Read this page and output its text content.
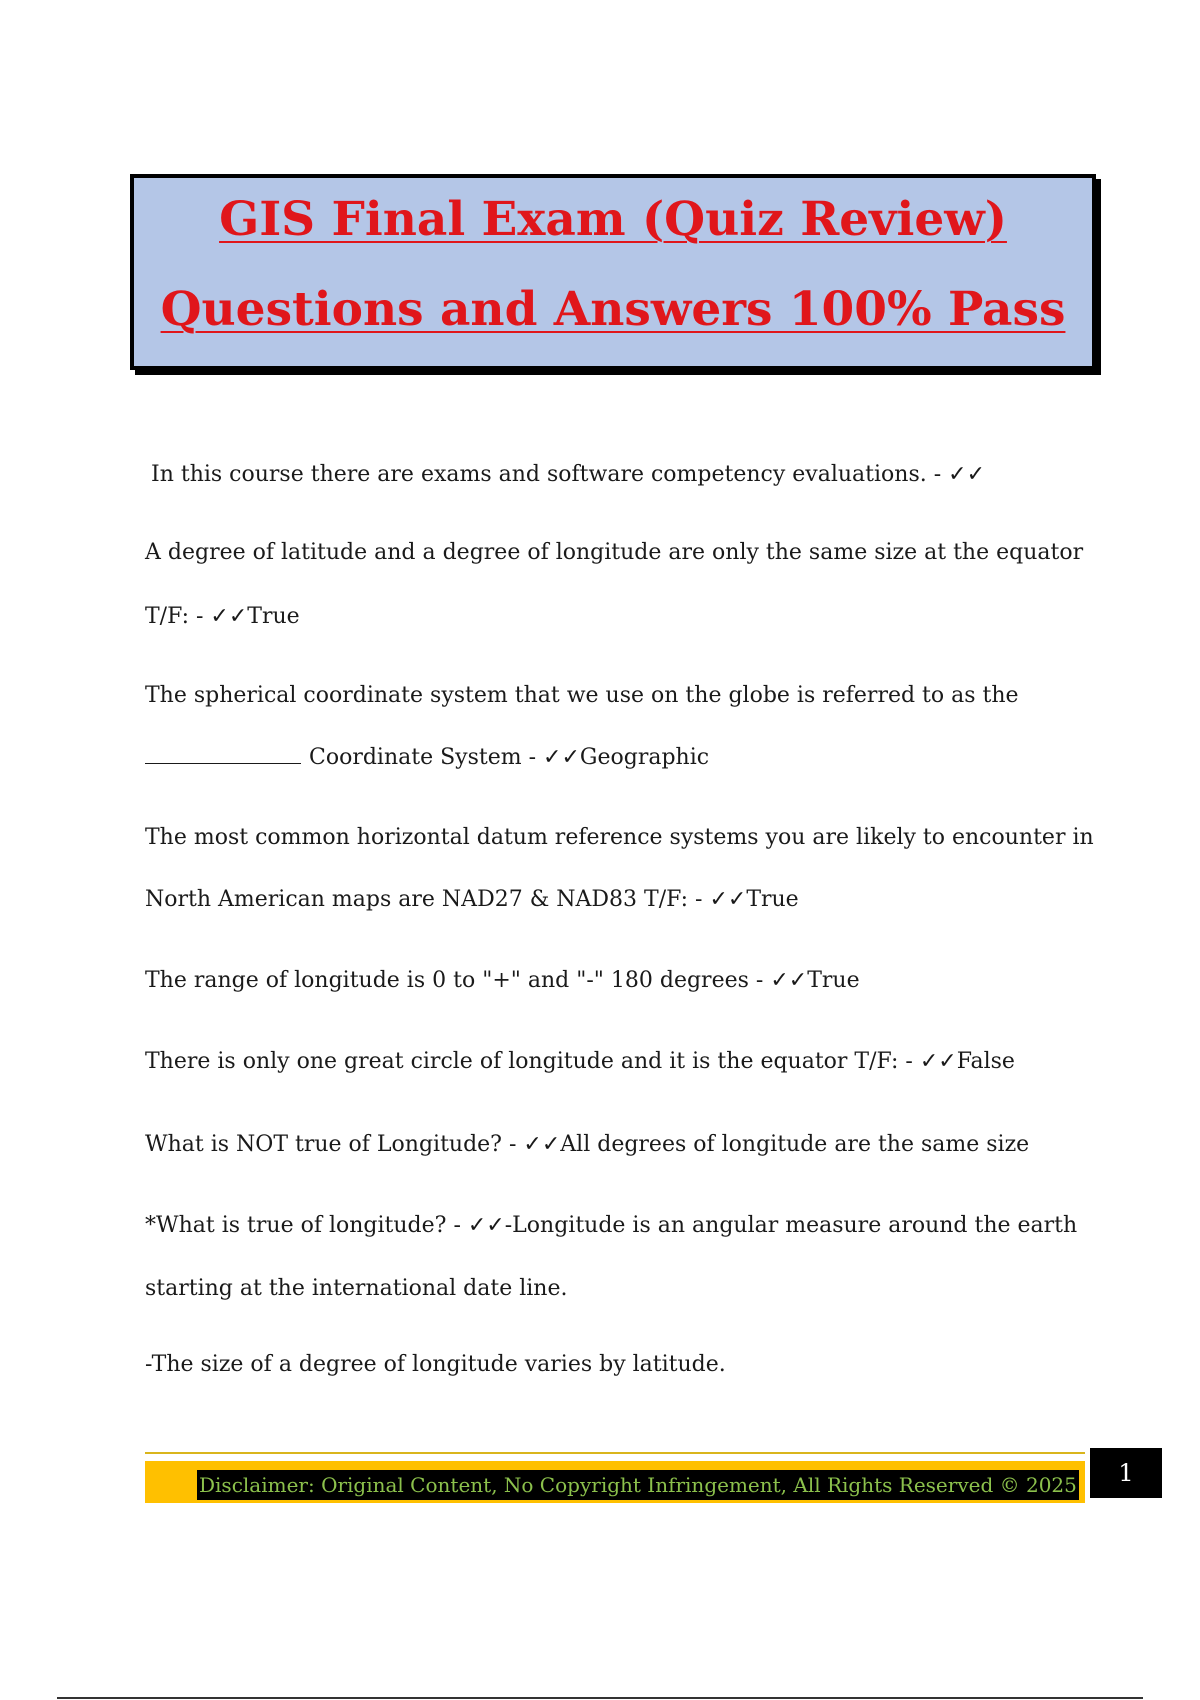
GIS Final Exam (Quiz Review)
Questions and Answers 100% Pass
In this course there are exams and software competency evaluations. - ✓✓
A degree of latitude and a degree of longitude are only the same size at the equator
T/F: - ✓✓True
The spherical coordinate system that we use on the globe is referred to as the
Coordinate System - ✓✓Geographic
The most common horizontal datum reference systems you are likely to encounter in
North American maps are NAD27 & NAD83 T/F: - ✓✓True
The range of longitude is 0 to "+" and "-" 180 degrees - ✓✓True
There is only one great circle of longitude and it is the equator T/F: - ✓✓False
What is NOT true of Longitude? - ✓✓All degrees of longitude are the same size
*What is true of longitude? - ✓✓-Longitude is an angular measure around the earth
starting at the international date line.
-The size of a degree of longitude varies by latitude.
Disclaimer: Original Content, No Copyright Infringement, All Rights Reserved © 2025	1
